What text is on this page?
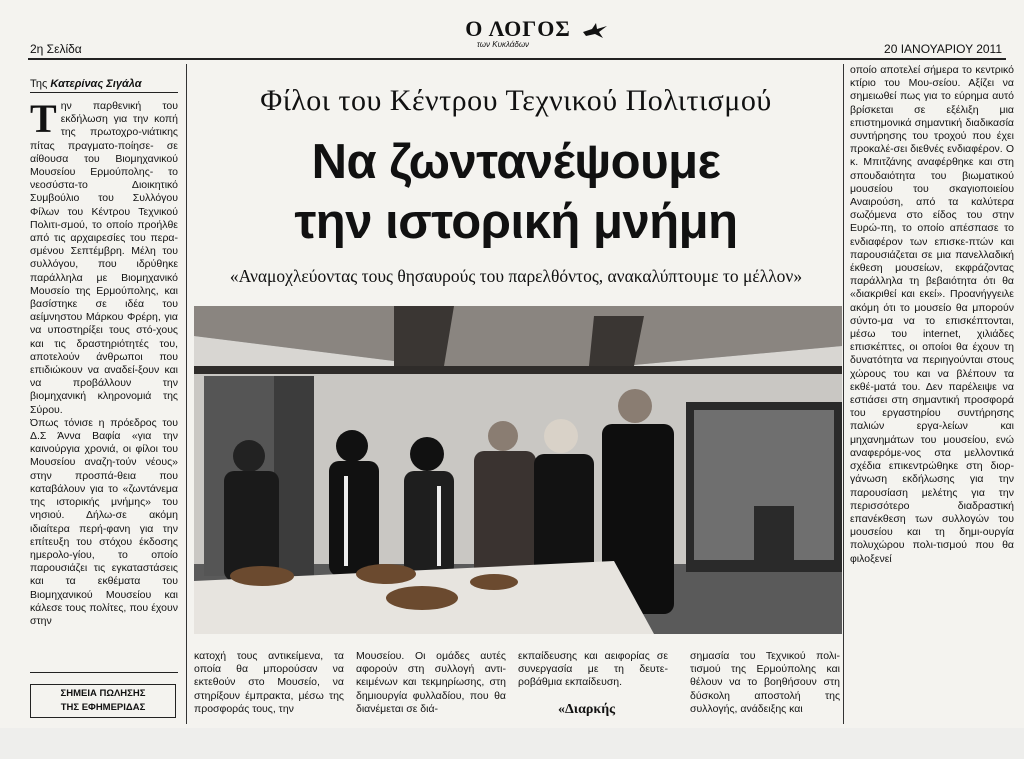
2η Σελίδα
Ο ΛΟΓΟΣ
των Κυκλάδων	20 ΙΑΝΟΥΑΡΙΟΥ 2011
Της Κατερίνας Σιγάλα

Την παρθενική του εκδήλωση για την κοπή της πρωτοχρο-νιάτικης πίτας πραγματο-ποίησε- σε αίθουσα του Βιομηχανικού Μουσείου Ερμούπολης- το νεοσύστα-το Διοικητικό Συμβούλιο του Συλλόγου Φίλων του Κέντρου Τεχνικού Πολιτι-σμού, το οποίο προήλθε από τις αρχαιρεσίες του περα-σμένου Σεπτέμβρη. Μέλη του συλλόγου, που ιδρύθηκε παράλληλα με Βιομηχανικό Μουσείο της Ερμούπολης, και βασίστηκε σε ιδέα του αείμνηστου Μάρκου Φρέρη, για να υποστηρίξει τους στό-χους και τις δραστηριότητές του, αποτελούν άνθρωποι που επιδιώκουν να αναδεί-ξουν και να προβάλλουν την βιομηχανική κληρονομιά της Σύρου.

Όπως τόνισε η πρόεδρος του Δ.Σ Άννα Βαφία «για την καινούργια χρονιά, οι φίλοι του Μουσείου αναζη-τούν νέους» στην προσπά-θεια που καταβάλουν για το «ζωντάνεμα της ιστορικής μνήμης» του νησιού. Δήλω-σε ακόμη ιδιαίτερα περή-φανη για την επίτευξη του στόχου έκδοσης ημερολο-γίου, το οποίο παρουσιάζει τις εγκαταστάσεις και τα εκθέματα του Βιομηχανικού Μουσείου και κάλεσε τους πολίτες, που έχουν στην

Φίλοι του Κέντρου Τεχνικού Πολιτισμού
Να ζωντανέψουμε
την ιστορική μνήμη
«Αναμοχλεύοντας τους θησαυρούς του παρελθόντος, ανακαλύπτουμε το μέλλον»
κατοχή τους αντικείμενα, τα οποία θα μπορούσαν να εκτεθούν στο Μουσείο, να στηρίξουν έμπρακτα, μέσω της προσφοράς τους, την
Μουσείου. Οι ομάδες αυτές αφορούν στη συλλογή αντι-κειμένων και τεκμηρίωσης, στη δημιουργία φυλλαδίου, που θα διανέμεται σε διά-
εκπαίδευσης και αειφορίας σε συνεργασία με τη δευτε-ροβάθμια εκπαίδευση.
«Διαρκής
σημασία του Τεχνικού πολι-τισμού της Ερμούπολης και θέλουν να το βοηθήσουν στη δύσκολη αποστολή της συλλογής, ανάδειξης και
οποίο αποτελεί σήμερα το κεντρικό κτίριο του Μου-σείου. Αξίζει να σημειωθεί πως για το εύρημα αυτό βρίσκεται σε εξέλιξη μια επιστημονικά σημαντική διαδικασία συντήρησης του τροχού που έχει προκαλέ-σει διεθνές ενδιαφέρον. Ο κ. Μπιτζάνης αναφέρθηκε και στη σπουδαιότητα του βιωματικού μουσείου του σκαγιοποιείου Αναιρούση, από τα καλύτερα σωζόμενα στο είδος του στην Ευρώ-πη, το οποίο απέσπασε το ενδιαφέρον των επισκε-πτών και παρουσιάζεται σε μια πανελλαδική έκθεση μουσείων, εκφράζοντας παράλληλα τη βεβαιότητα ότι θα «διακριθεί και εκεί». Προανήγγειλε ακόμη ότι το μουσείο θα μπορούν σύντο-μα να το επισκέπτονται, μέσω του internet, χιλιάδες επισκέπτες, οι οποίοι θα έχουν τη δυνατότητα να περιηγούνται στους χώρους του και να βλέπουν τα εκθέ-ματά του. Δεν παρέλειψε να εστιάσει στη σημαντική προσφορά του εργαστηρίου συντήρησης παλιών εργα-λείων και μηχανημάτων του μουσείου, ενώ αναφερόμε-νος στα μελλοντικά σχέδια επικεντρώθηκε στη διορ-γάνωση εκδήλωσης για την παρουσίαση μελέτης για την περισσότερο διαδραστική επανέκθεση των συλλογών του μουσείου και τη δημι-ουργία πολυχώρου πολι-τισμού που θα φιλοξενεί
ΣΗΜΕΙΑ ΠΩΛΗΣΗΣ
ΤΗΣ ΕΦΗΜΕΡΙΔΑΣ
